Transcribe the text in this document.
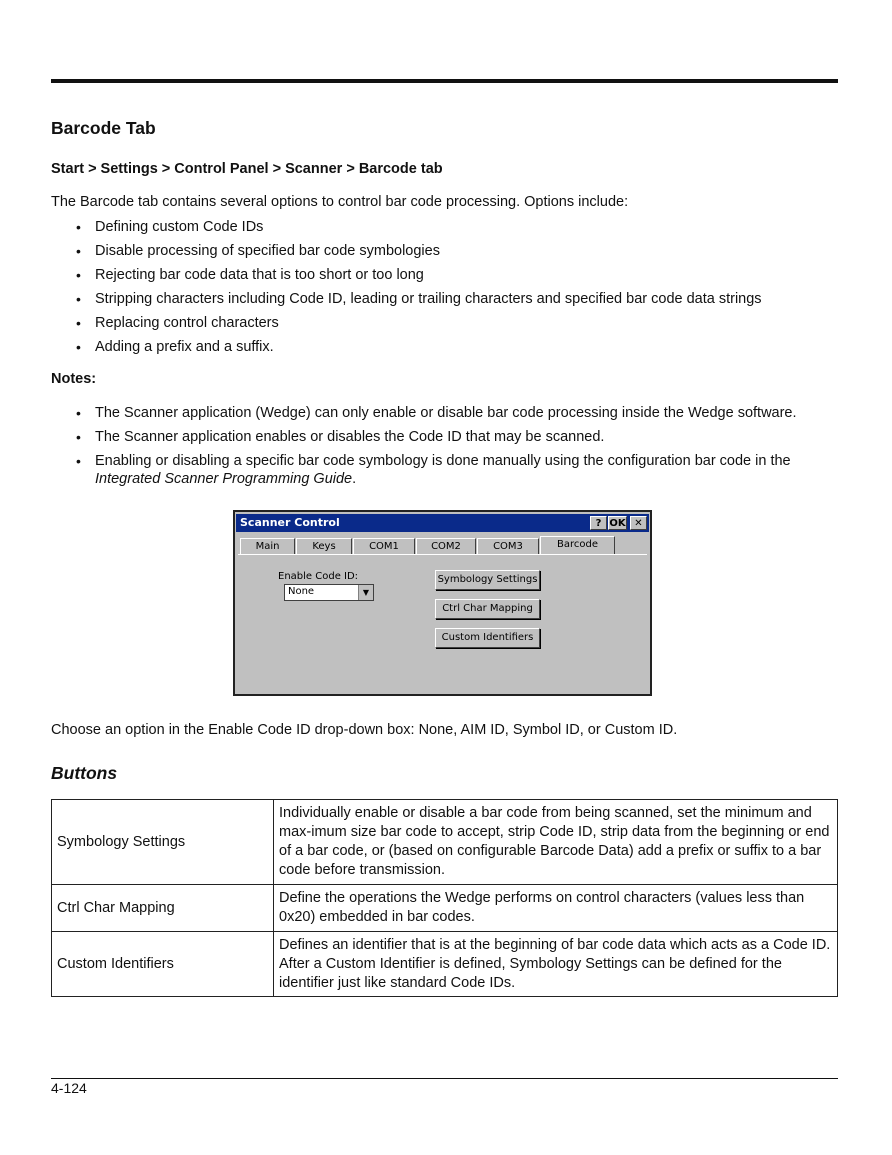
Barcode Tab
Start > Settings > Control Panel > Scanner > Barcode tab
The Barcode tab contains several options to control bar code processing. Options include:
• Defining custom Code IDs
• Disable processing of specified bar code symbologies
• Rejecting bar code data that is too short or too long
• Stripping characters including Code ID, leading or trailing characters and specified bar code data strings
• Replacing control characters
• Adding a prefix and a suffix.
Notes:
• The Scanner application (Wedge) can only enable or disable bar code processing inside the Wedge software.
• The Scanner application enables or disables the Code ID that may be scanned.
• Enabling or disabling a specific bar code symbology is done manually using the configuration bar code in the Integrated Scanner Programming Guide.
Scanner Control	? OK ✕
Main	Keys	COM1	COM2	COM3	Barcode
Enable Code ID:
None	▼
Symbology Settings
Ctrl Char Mapping
Custom Identifiers
Choose an option in the Enable Code ID drop-down box: None, AIM ID, Symbol ID, or Custom ID.
Buttons
Symbology Settings	Individually enable or disable a bar code from being scanned, set the minimum and max-imum size bar code to accept, strip Code ID, strip data from the beginning or end of a bar code, or (based on configurable Barcode Data) add a prefix or suffix to a bar code before transmission.
Ctrl Char Mapping	Define the operations the Wedge performs on control characters (values less than 0x20) embedded in bar codes.
Custom Identifiers	Defines an identifier that is at the beginning of bar code data which acts as a Code ID. After a Custom Identifier is defined, Symbology Settings can be defined for the identifier just like standard Code IDs.
4-124
